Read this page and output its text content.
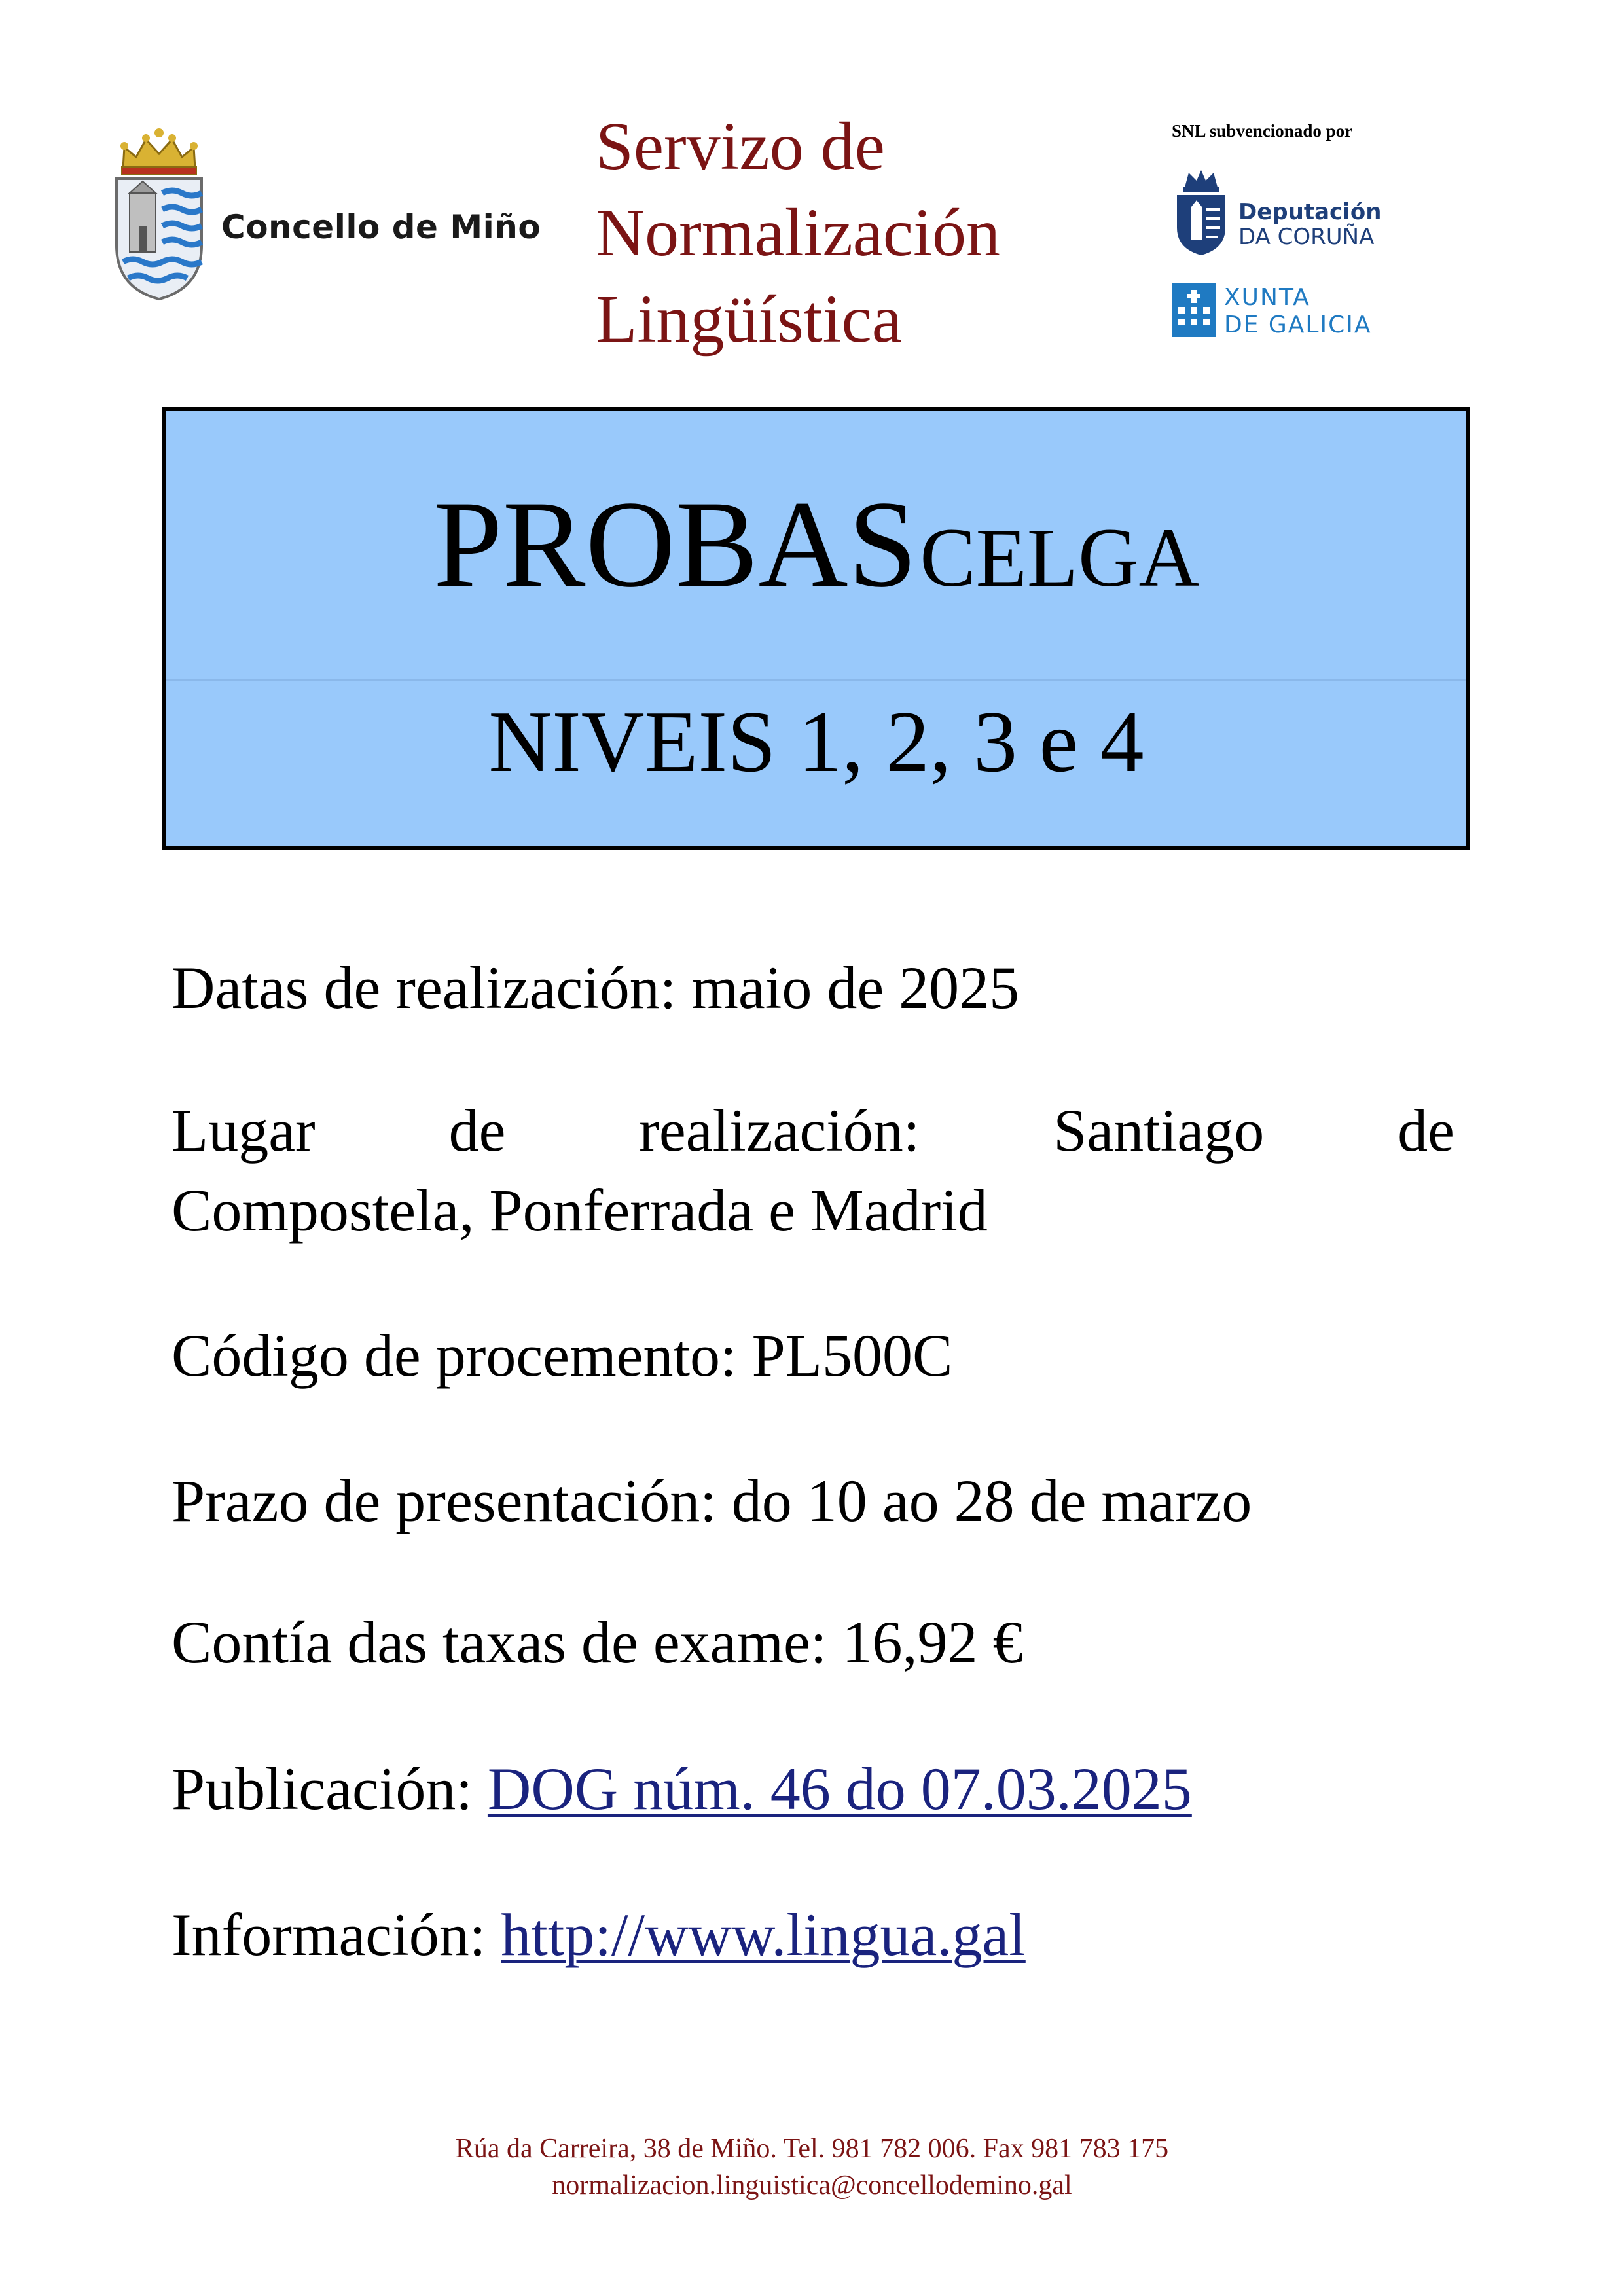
Concello de Miño
Servizo de
Normalización
Lingüística
SNL subvencionado por
Deputación
DA CORUÑA
XUNTA
DE GALICIA
PROBAS CELGA
NIVEIS 1, 2, 3 e 4
Datas de realización: maio de 2025
Lugar de realización: Santiago de
Compostela, Ponferrada e Madrid
Código de procemento: PL500C
Prazo de presentación: do 10 ao 28 de marzo
Contía das taxas de exame: 16,92 €
Publicación: DOG núm. 46 do 07.03.2025
Información: http://www.lingua.gal
Rúa da Carreira, 38 de Miño. Tel. 981 782 006. Fax 981 783 175
normalizacion.linguistica@concellodemino.gal
